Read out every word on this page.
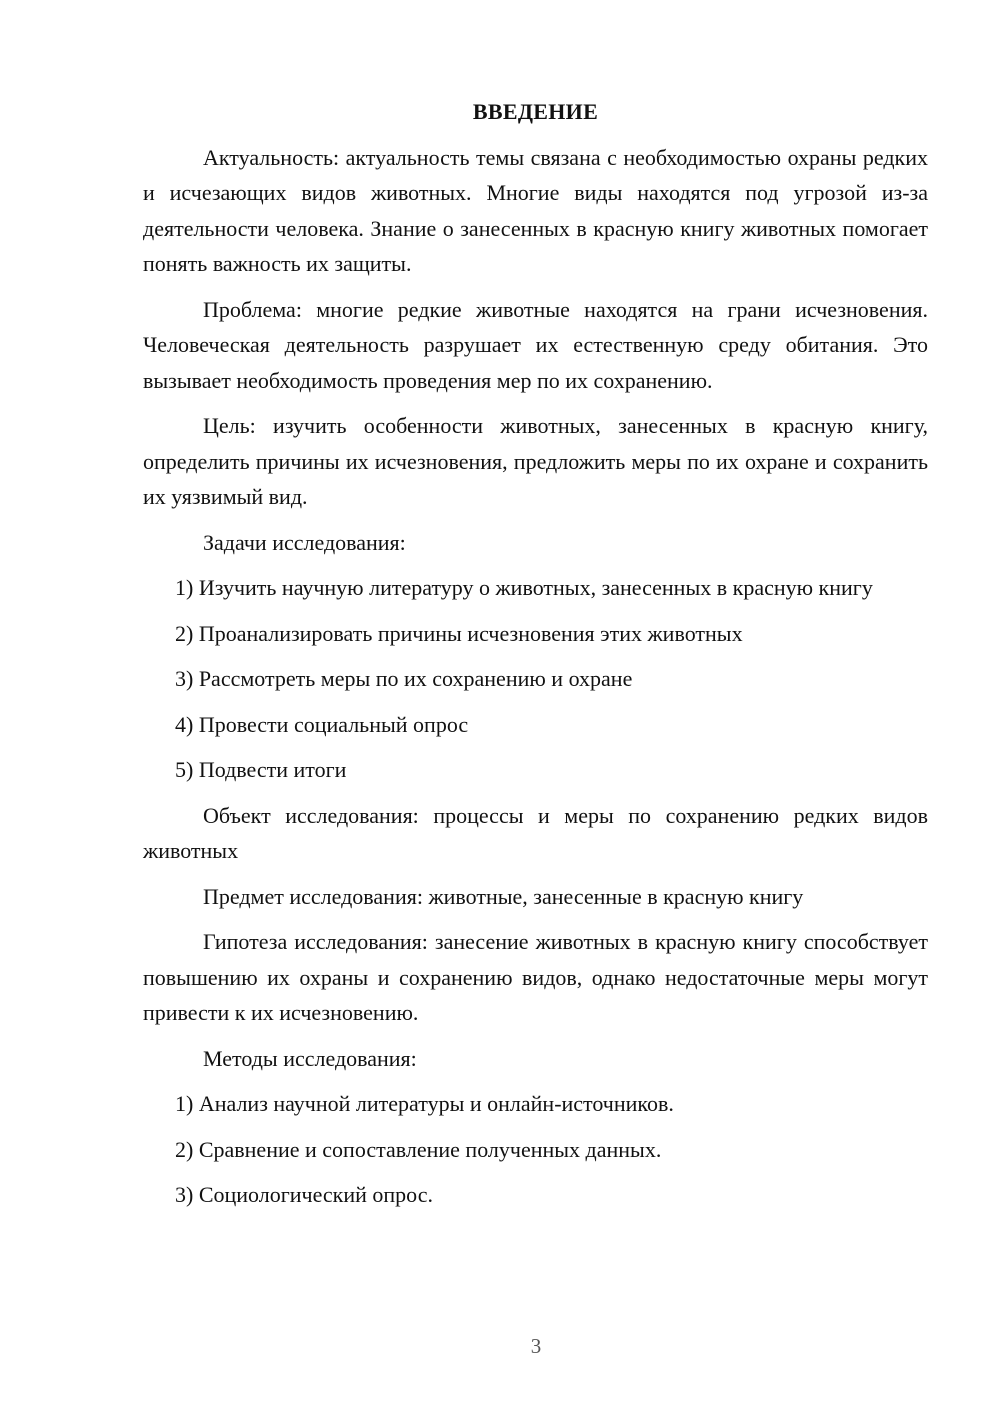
ВВЕДЕНИЕ

Актуальность: актуальность темы связана с необходимостью охраны редких и исчезающих видов животных. Многие виды находятся под угрозой из-за деятельности человека. Знание о занесенных в красную книгу животных помогает понять важность их защиты.

Проблема: многие редкие животные находятся на грани исчезновения. Человеческая деятельность разрушает их естественную среду обитания. Это вызывает необходимость проведения мер по их сохранению.

Цель: изучить особенности животных, занесенных в красную книгу, определить причины их исчезновения, предложить меры по их охране и сохранить их уязвимый вид.

Задачи исследования:

1) Изучить научную литературу о животных, занесенных в красную книгу

2) Проанализировать причины исчезновения этих животных

3) Рассмотреть меры по их сохранению и охране

4) Провести социальный опрос

5) Подвести итоги

Объект исследования: процессы и меры по сохранению редких видов животных

Предмет исследования: животные, занесенные в красную книгу

Гипотеза исследования: занесение животных в красную книгу способствует повышению их охраны и сохранению видов, однако недостаточные меры могут привести к их исчезновению.

Методы исследования:

1) Анализ научной литературы и онлайн-источников.

2) Сравнение и сопоставление полученных данных.

3) Социологический опрос.

3
